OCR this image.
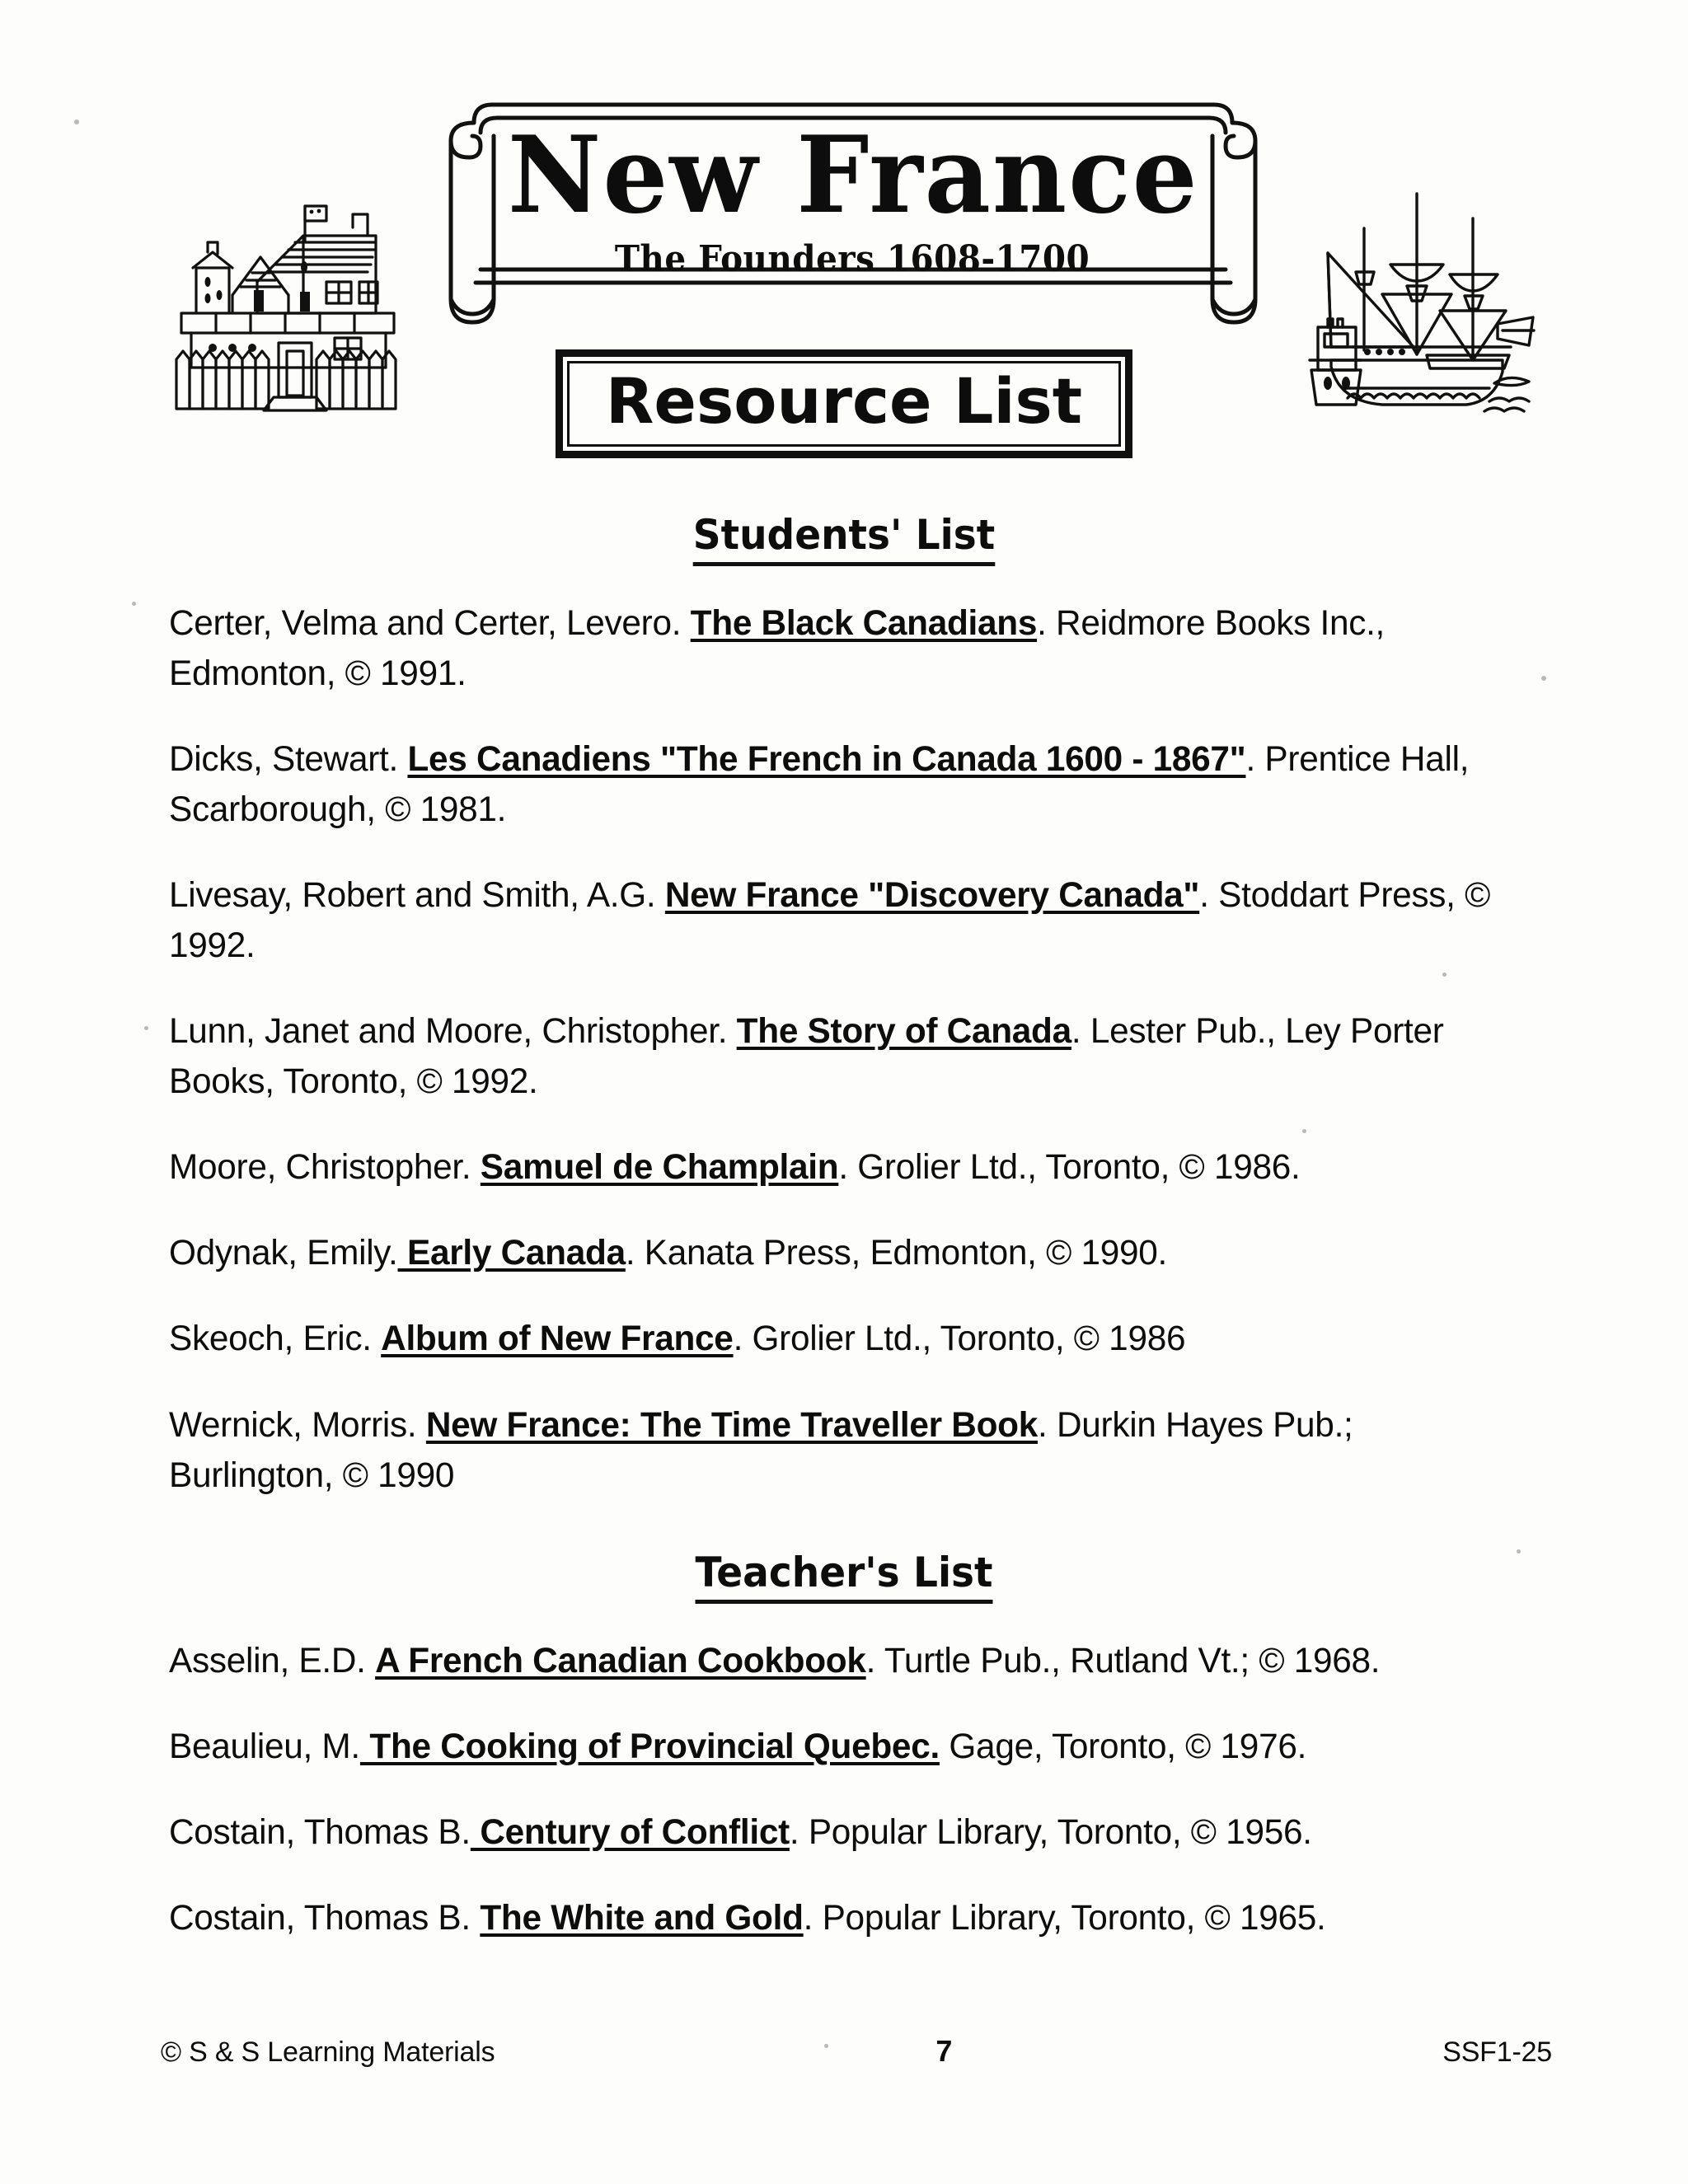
New France
The Founders 1608-1700
Resource List
Students' List

Certer, Velma and Certer, Levero. The Black Canadians. Reidmore Books Inc., Edmonton, © 1991.

Dicks, Stewart. Les Canadiens "The French in Canada 1600 - 1867". Prentice Hall, Scarborough, © 1981.

Livesay, Robert and Smith, A.G. New France "Discovery Canada". Stoddart Press, © 1992.

Lunn, Janet and Moore, Christopher. The Story of Canada. Lester Pub., Ley Porter Books, Toronto, © 1992.

Moore, Christopher. Samuel de Champlain. Grolier Ltd., Toronto, © 1986.

Odynak, Emily. Early Canada. Kanata Press, Edmonton, © 1990.

Skeoch, Eric. Album of New France. Grolier Ltd., Toronto, © 1986

Wernick, Morris. New France: The Time Traveller Book. Durkin Hayes Pub.; Burlington, © 1990

Teacher's List

Asselin, E.D. A French Canadian Cookbook. Turtle Pub., Rutland Vt.; © 1968.

Beaulieu, M. The Cooking of Provincial Quebec. Gage, Toronto, © 1976.

Costain, Thomas B. Century of Conflict. Popular Library, Toronto, © 1956.

Costain, Thomas B. The White and Gold. Popular Library, Toronto, © 1965.

© S & S Learning Materials	7	SSF1-25
